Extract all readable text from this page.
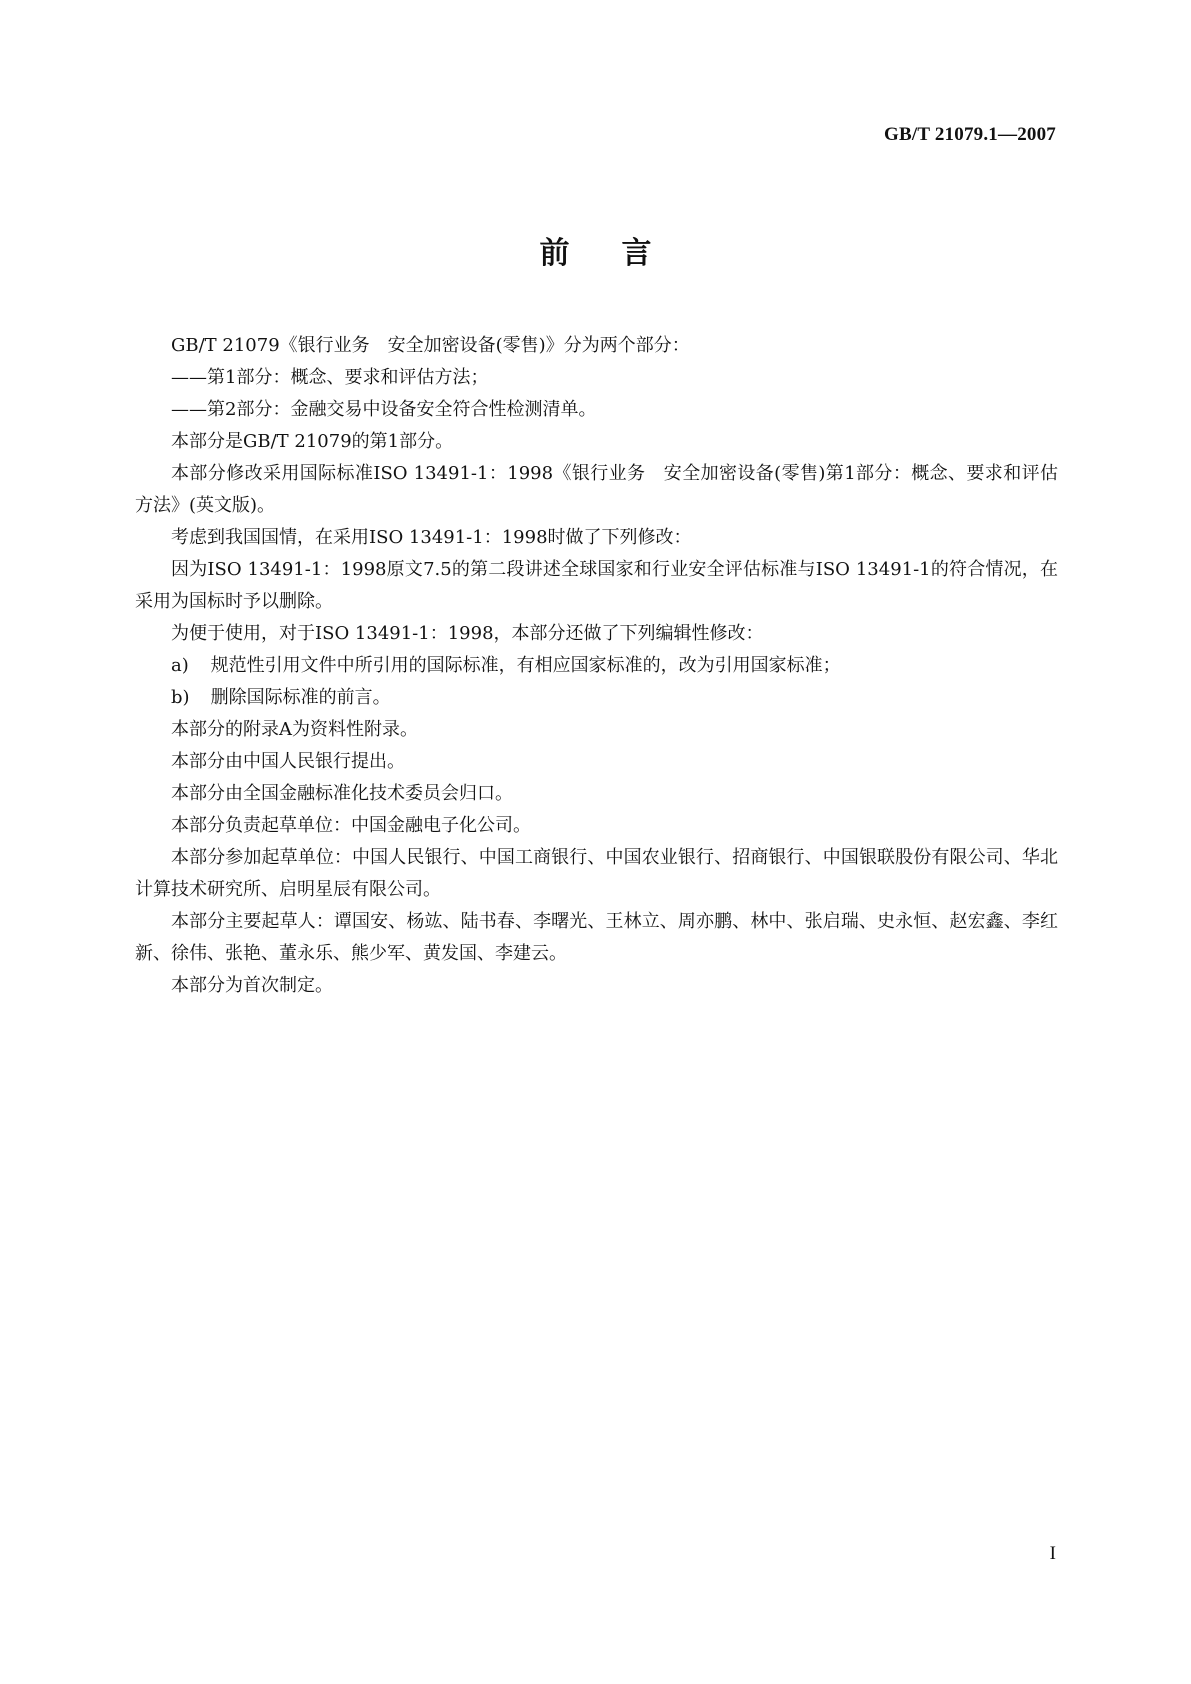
GB/T 21079.1—2007
前言

GB/T 21079《银行业务　安全加密设备(零售)》分为两个部分：

——第1部分：概念、要求和评估方法；

——第2部分：金融交易中设备安全符合性检测清单。

本部分是GB/T 21079的第1部分。

本部分修改采用国际标准ISO 13491-1：1998《银行业务　安全加密设备(零售)第1部分：概念、要求和评估方法》(英文版)。

考虑到我国国情，在采用ISO 13491-1：1998时做了下列修改：

因为ISO 13491-1：1998原文7.5的第二段讲述全球国家和行业安全评估标准与ISO 13491-1的符合情况，在采用为国标时予以删除。

为便于使用，对于ISO 13491-1：1998，本部分还做了下列编辑性修改：

a) 规范性引用文件中所引用的国际标准，有相应国家标准的，改为引用国家标准；

b) 删除国际标准的前言。

本部分的附录A为资料性附录。

本部分由中国人民银行提出。

本部分由全国金融标准化技术委员会归口。

本部分负责起草单位：中国金融电子化公司。

本部分参加起草单位：中国人民银行、中国工商银行、中国农业银行、招商银行、中国银联股份有限公司、华北计算技术研究所、启明星辰有限公司。

本部分主要起草人：谭国安、杨竑、陆书春、李曙光、王林立、周亦鹏、林中、张启瑞、史永恒、赵宏鑫、李红新、徐伟、张艳、董永乐、熊少军、黄发国、李建云。

本部分为首次制定。

I
